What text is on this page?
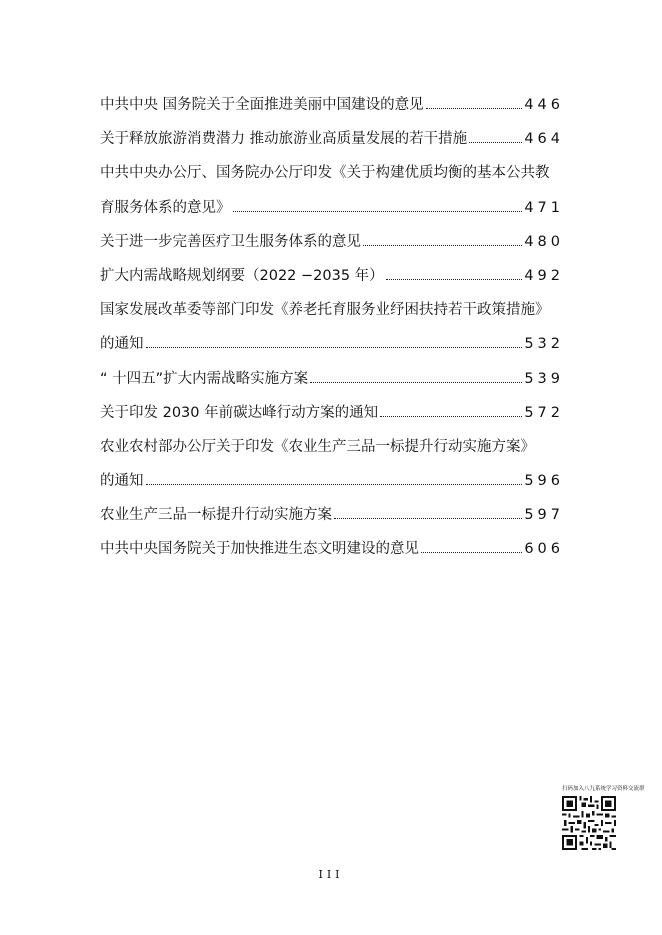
中共中央 国务院关于全面推进美丽中国建设的意见	446
关于释放旅游消费潜力 推动旅游业高质量发展的若干措施	464
中共中央办公厅、国务院办公厅印发《关于构建优质均衡的基本公共教
育服务体系的意见》	471
关于进一步完善医疗卫生服务体系的意见	480
扩大内需战略规划纲要（2022 −2035 年）	492
国家发展改革委等部门印发《养老托育服务业纾困扶持若干政策措施》
的通知	532
“ 十四五”扩大内需战略实施方案	539
关于印发 2030 年前碳达峰行动方案的通知	572
农业农村部办公厅关于印发《农业生产三品一标提升行动实施方案》
的通知	596
农业生产三品一标提升行动实施方案	597
中共中央国务院关于加快推进生态文明建设的意见	606
扫码加入八九系统学习资料交流群
III
